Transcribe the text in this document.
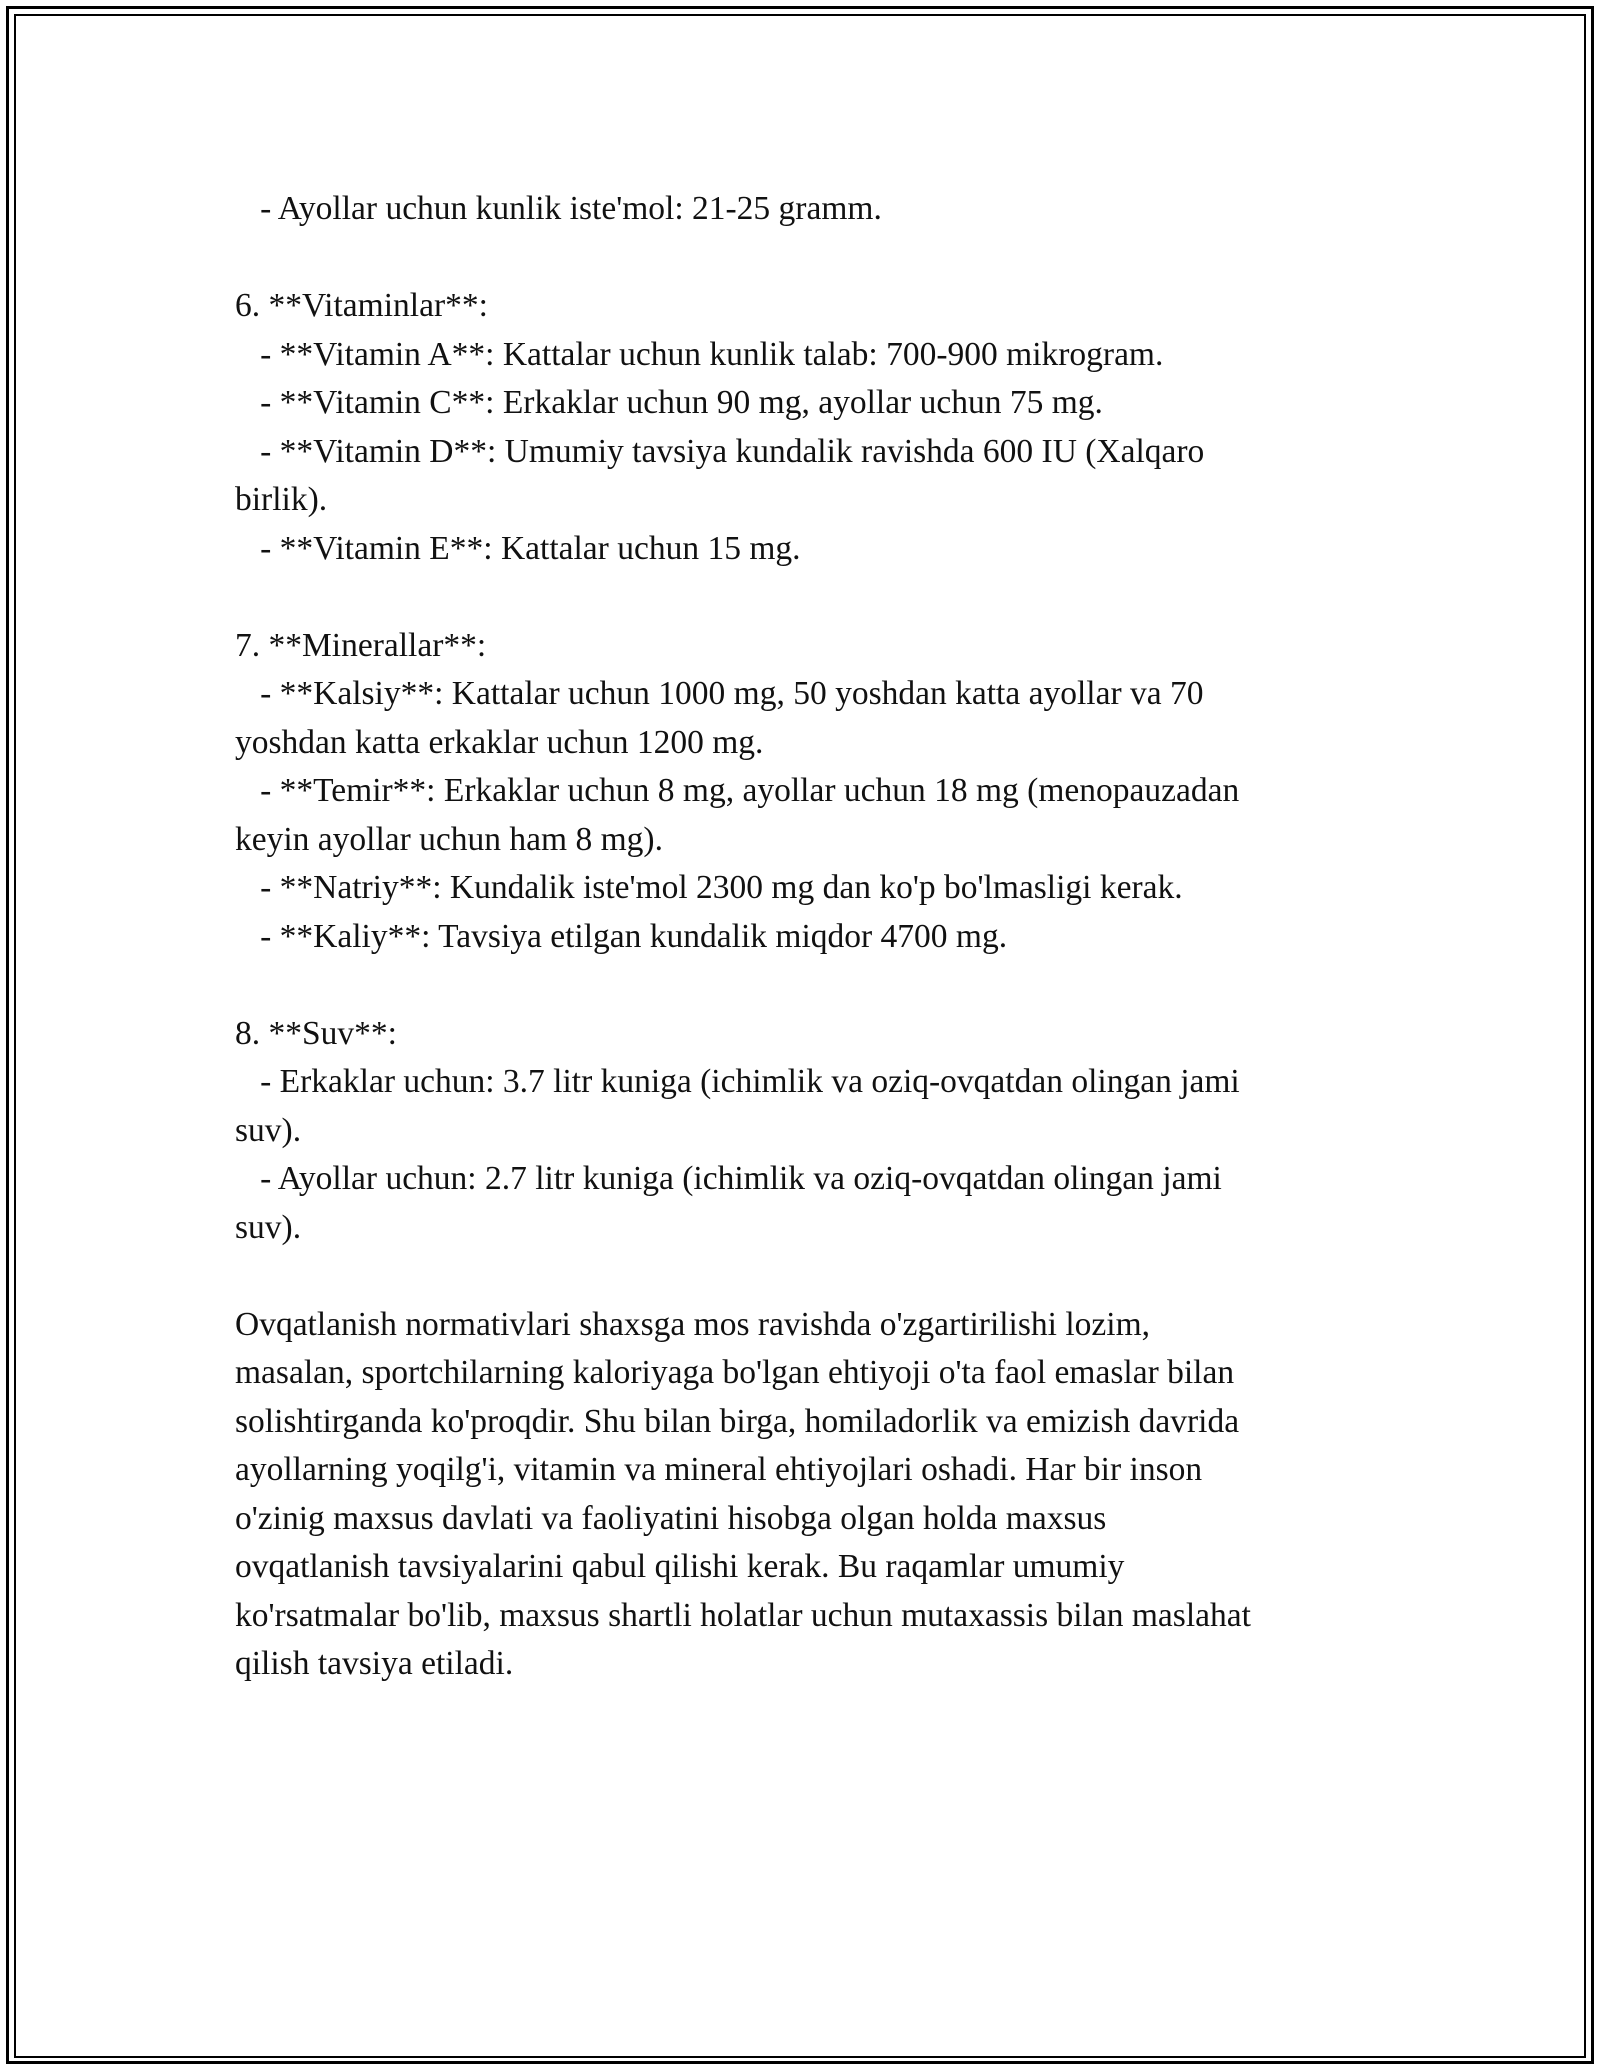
- Ayollar uchun kunlik iste'mol: 21-25 gramm.

6. **Vitaminlar**:

- **Vitamin A**: Kattalar uchun kunlik talab: 700-900 mikrogram.

- **Vitamin C**: Erkaklar uchun 90 mg, ayollar uchun 75 mg.

- **Vitamin D**: Umumiy tavsiya kundalik ravishda 600 IU (Xalqaro

birlik).

- **Vitamin E**: Kattalar uchun 15 mg.

7. **Minerallar**:

- **Kalsiy**: Kattalar uchun 1000 mg, 50 yoshdan katta ayollar va 70

yoshdan katta erkaklar uchun 1200 mg.

- **Temir**: Erkaklar uchun 8 mg, ayollar uchun 18 mg (menopauzadan

keyin ayollar uchun ham 8 mg).

- **Natriy**: Kundalik iste'mol 2300 mg dan ko'p bo'lmasligi kerak.

- **Kaliy**: Tavsiya etilgan kundalik miqdor 4700 mg.

8. **Suv**:

- Erkaklar uchun: 3.7 litr kuniga (ichimlik va oziq-ovqatdan olingan jami

suv).

- Ayollar uchun: 2.7 litr kuniga (ichimlik va oziq-ovqatdan olingan jami

suv).

Ovqatlanish normativlari shaxsga mos ravishda o'zgartirilishi lozim,

masalan, sportchilarning kaloriyaga bo'lgan ehtiyoji o'ta faol emaslar bilan

solishtirganda ko'proqdir. Shu bilan birga, homiladorlik va emizish davrida

ayollarning yoqilg'i, vitamin va mineral ehtiyojlari oshadi. Har bir inson

o'zinig maxsus davlati va faoliyatini hisobga olgan holda maxsus

ovqatlanish tavsiyalarini qabul qilishi kerak. Bu raqamlar umumiy

ko'rsatmalar bo'lib, maxsus shartli holatlar uchun mutaxassis bilan maslahat

qilish tavsiya etiladi.
